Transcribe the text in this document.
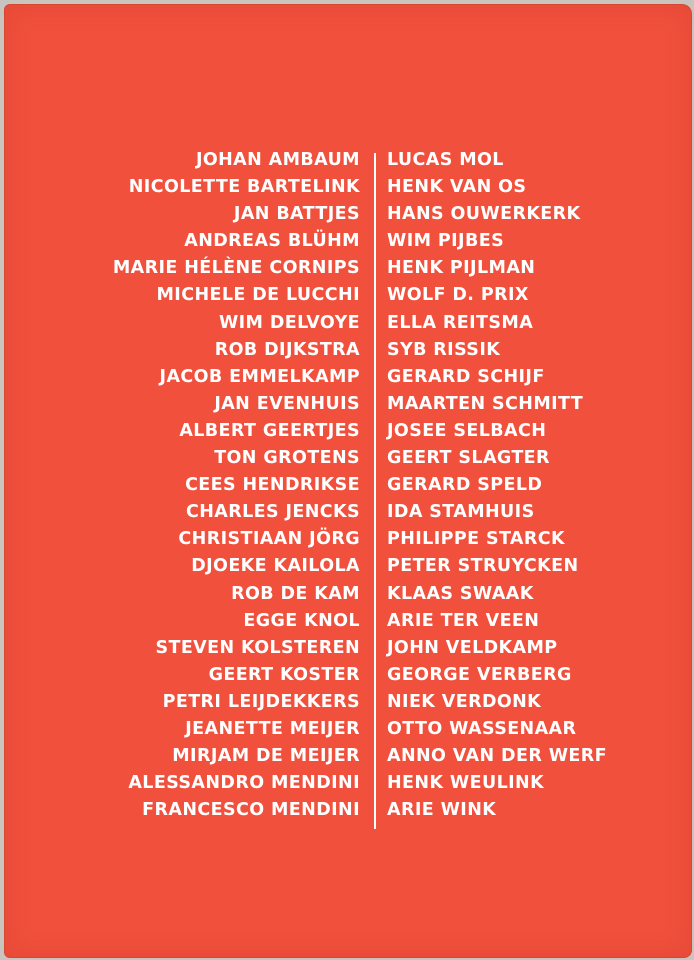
JOHAN AMBAUM
NICOLETTE BARTELINK
JAN BATTJES
ANDREAS BLÜHM
MARIE HÉLÈNE CORNIPS
MICHELE DE LUCCHI
WIM DELVOYE
ROB DIJKSTRA
JACOB EMMELKAMP
JAN EVENHUIS
ALBERT GEERTJES
TON GROTENS
CEES HENDRIKSE
CHARLES JENCKS
CHRISTIAAN JÖRG
DJOEKE KAILOLA
ROB DE KAM
EGGE KNOL
STEVEN KOLSTEREN
GEERT KOSTER
PETRI LEIJDEKKERS
JEANETTE MEIJER
MIRJAM DE MEIJER
ALESSANDRO MENDINI
FRANCESCO MENDINI
LUCAS MOL
HENK VAN OS
HANS OUWERKERK
WIM PIJBES
HENK PIJLMAN
WOLF D. PRIX
ELLA REITSMA
SYB RISSIK
GERARD SCHIJF
MAARTEN SCHMITT
JOSEE SELBACH
GEERT SLAGTER
GERARD SPELD
IDA STAMHUIS
PHILIPPE STARCK
PETER STRUYCKEN
KLAAS SWAAK
ARIE TER VEEN
JOHN VELDKAMP
GEORGE VERBERG
NIEK VERDONK
OTTO WASSENAAR
ANNO VAN DER WERF
HENK WEULINK
ARIE WINK
